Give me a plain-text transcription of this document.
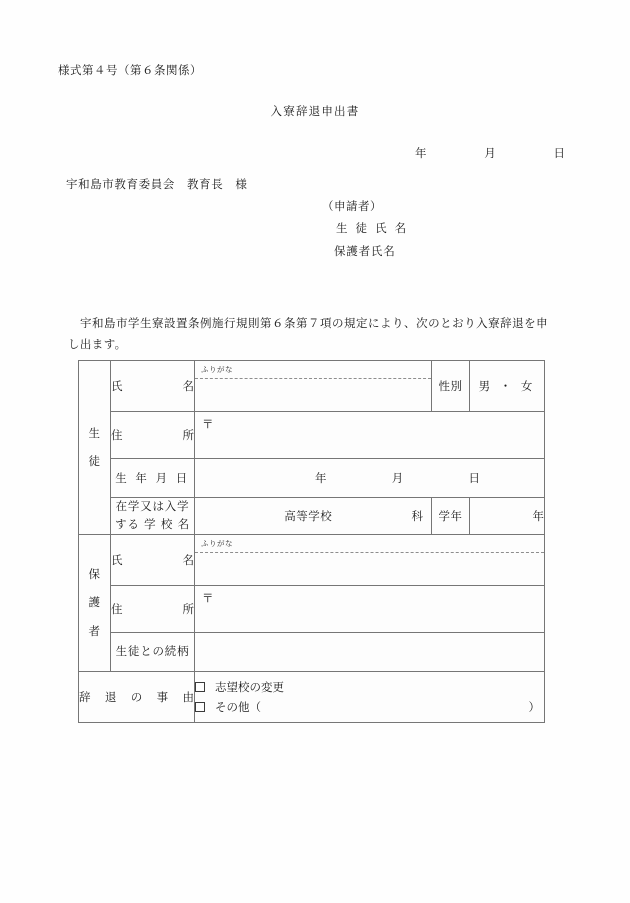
様式第４号（第６条関係）
入寮辞退申出書
年	月	日
宇和島市教育委員会　教育長　様
（申請者）
生 徒 氏 名
保護者氏名
宇和島市学生寮設置条例施行規則第６条第７項の規定により、次のとおり入寮辞退を申し出ます。
生
徒	氏 名	ふりがな	性別	男 ・ 女

	住 所	〒		

	生 年 月 日	年 月 日		

	在学又は入学
する 学 校 名	高等学校 科	学年	年

保
護
者	氏 名	ふりがな		

	住 所	〒		

	生徒との続柄			

辞 退 の 事 由

志望校の変更
その他（	）
